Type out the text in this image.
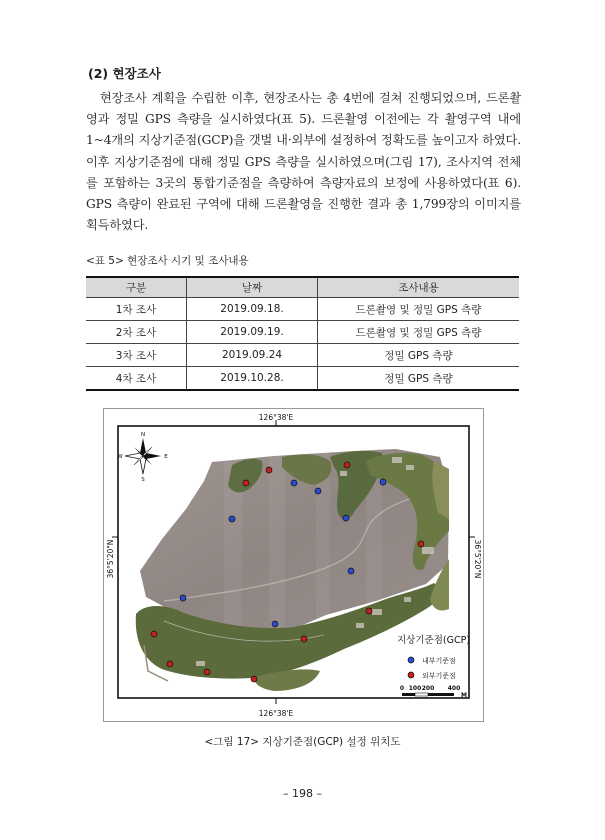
(2) 현장조사
현장조사 계획을 수립한 이후, 현장조사는 총 4번에 걸쳐 진행되었으며, 드론촬영과 정밀 GPS 측량을 실시하였다(표 5). 드론촬영 이전에는 각 촬영구역 내에 1~4개의 지상기준점(GCP)을 갯벌 내·외부에 설정하여 정확도를 높이고자 하였다. 이후 지상기준점에 대해 정밀 GPS 측량을 실시하였으며(그림 17), 조사지역 전체를 포함하는 3곳의 통합기준점을 측량하여 측량자료의 보정에 사용하였다(표 6). GPS 측량이 완료된 구역에 대해 드론촬영을 진행한 결과 총 1,799장의 이미지를 획득하였다.
<표 5> 현장조사 시기 및 조사내용
구분	날짜	조사내용
1차 조사	2019.09.18.	드론촬영 및 정밀 GPS 측량
2차 조사	2019.09.19.	드론촬영 및 정밀 GPS 측량
3차 조사	2019.09.24	정밀 GPS 측량
4차 조사	2019.10.28.	정밀 GPS 측량
126°38'E
126°38'E
36°5'20"N	36°5'20"N
N
S
W	E
지상기준점(GCP)
내부기준점
외부기준점
0 100 200 400
M
<그림 17> 지상기준점(GCP) 설정 위치도
– 198 –
